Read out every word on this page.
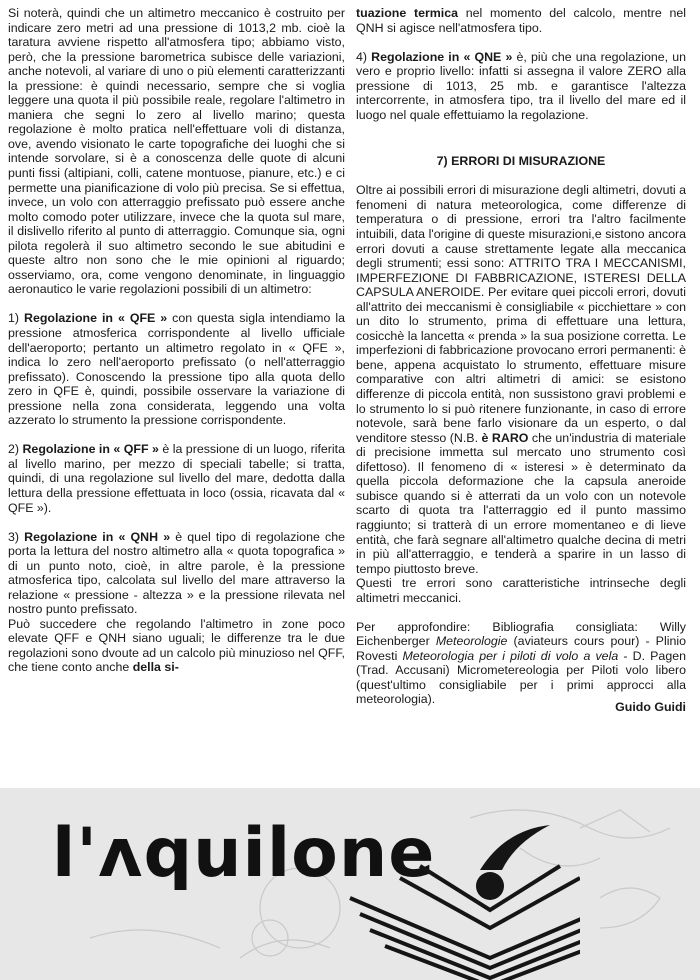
Si noterà, quindi che un altimetro meccanico è costruito per indicare zero metri ad una pressione di 1013,2 mb. cioè la taratura avviene rispetto all'atmosfera tipo; abbiamo visto, però, che la pressione barometrica subisce delle variazioni, anche notevoli, al variare di uno o più elementi caratterizzanti la pressione: è quindi necessario, sempre che si voglia leggere una quota il più possibile reale, regolare l'altimetro in maniera che segni lo zero al livello marino; questa regolazione è molto pratica nell'effettuare voli di distanza, ove, avendo visionato le carte topografiche dei luoghi che si intende sorvolare, si è a conoscenza delle quote di alcuni punti fissi (altipiani, colli, catene montuose, pianure, etc.) e ci permette una pianificazione di volo più precisa. Se si effettua, invece, un volo con atterraggio prefissato può essere anche molto comodo poter utilizzare, invece che la quota sul mare, il dislivello riferito al punto di atterraggio. Comunque sia, ogni pilota regolerà il suo altimetro secondo le sue abitudini e queste altro non sono che le mie opinioni al riguardo; osserviamo, ora, come vengono denominate, in linguaggio aeronautico le varie regolazioni possibili di un altimetro:

1) Regolazione in « QFE » con questa sigla intendiamo la pressione atmosferica corrispondente al livello ufficiale dell'aeroporto; pertanto un altimetro regolato in « QFE », indica lo zero nell'aeroporto prefissato (o nell'atterraggio prefissato). Conoscendo la pressione tipo alla quota dello zero in QFE è, quindi, possibile osservare la variazione di pressione nella zona considerata, leggendo una volta azzerato lo strumento la pressione corrispondente.

2) Regolazione in « QFF » è la pressione di un luogo, riferita al livello marino, per mezzo di speciali tabelle; si tratta, quindi, di una regolazione sul livello del mare, dedotta dalla lettura della pressione effettuata in loco (ossia, ricavata dal « QFE »).

3) Regolazione in « QNH » è quel tipo di regolazione che porta la lettura del nostro altimetro alla « quota topografica » di un punto noto, cioè, in altre parole, è la pressione atmosferica tipo, calcolata sul livello del mare attraverso la relazione « pressione - altezza » e la pressione rilevata nel nostro punto prefissato.

Può succedere che regolando l'altimetro in zone poco elevate QFF e QNH siano uguali; le differenze tra le due regolazioni sono dvoute ad un calcolo più minuzioso nel QFF, che tiene conto anche della si-

tuazione termica nel momento del calcolo, mentre nel QNH si agisce nell'atmosfera tipo.

4) Regolazione in « QNE » è, più che una regolazione, un vero e proprio livello: infatti si assegna il valore ZERO alla pressione di 1013, 25 mb. e garantisce l'altezza intercorrente, in atmosfera tipo, tra il livello del mare ed il luogo nel quale effettuiamo la regolazione.

7) ERRORI DI MISURAZIONE

Oltre ai possibili errori di misurazione degli altimetri, dovuti a fenomeni di natura meteorologica, come differenze di temperatura o di pressione, errori tra l'altro facilmente intuibili, data l'origine di queste misurazioni,e sistono ancora errori dovuti a cause strettamente legate alla meccanica degli strumenti; essi sono: ATTRITO TRA I MECCANISMI, IMPERFEZIONE DI FABBRICAZIONE, ISTERESI DELLA CAPSULA ANEROIDE. Per evitare quei piccoli errori, dovuti all'attrito dei meccanismi è consigliabile « picchiettare » con un dito lo strumento, prima di effettuare una lettura, cosicchè la lancetta « prenda » la sua posizione corretta. Le imperfezioni di fabbricazione provocano errori permanenti: è bene, appena acquistato lo strumento, effettuare misure comparative con altri altimetri di amici: se esistono differenze di piccola entità, non sussistono gravi problemi e lo strumento lo si può ritenere funzionante, in caso di errore notevole, sarà bene farlo visionare da un esperto, o dal venditore stesso (N.B. è RARO che un'industria di materiale di precisione immetta sul mercato uno strumento così difettoso). Il fenomeno di « isteresi » è determinato da quella piccola deformazione che la capsula aneroide subisce quando si è atterrati da un volo con un notevole scarto di quota tra l'atterraggio ed il punto massimo raggiunto; si tratterà di un errore momentaneo e di lieve entità, che farà segnare all'altimetro qualche decina di metri in più all'atterraggio, e tenderà a sparire in un lasso di tempo piuttosto breve.

Questi tre errori sono caratteristiche intrinseche degli altimetri meccanici.

Per approfondire: Bibliografia consigliata: Willy Eichenberger Meteorologie (aviateurs cours pour) - Plinio Rovesti Meteorologia per i piloti di volo a vela - D. Pagen (Trad. Accusani) Micrometereologia per Piloti volo libero (quest'ultimo consigliabile per i primi approcci alla meteorologia).

Guido Guidi
l'ʌquilone
